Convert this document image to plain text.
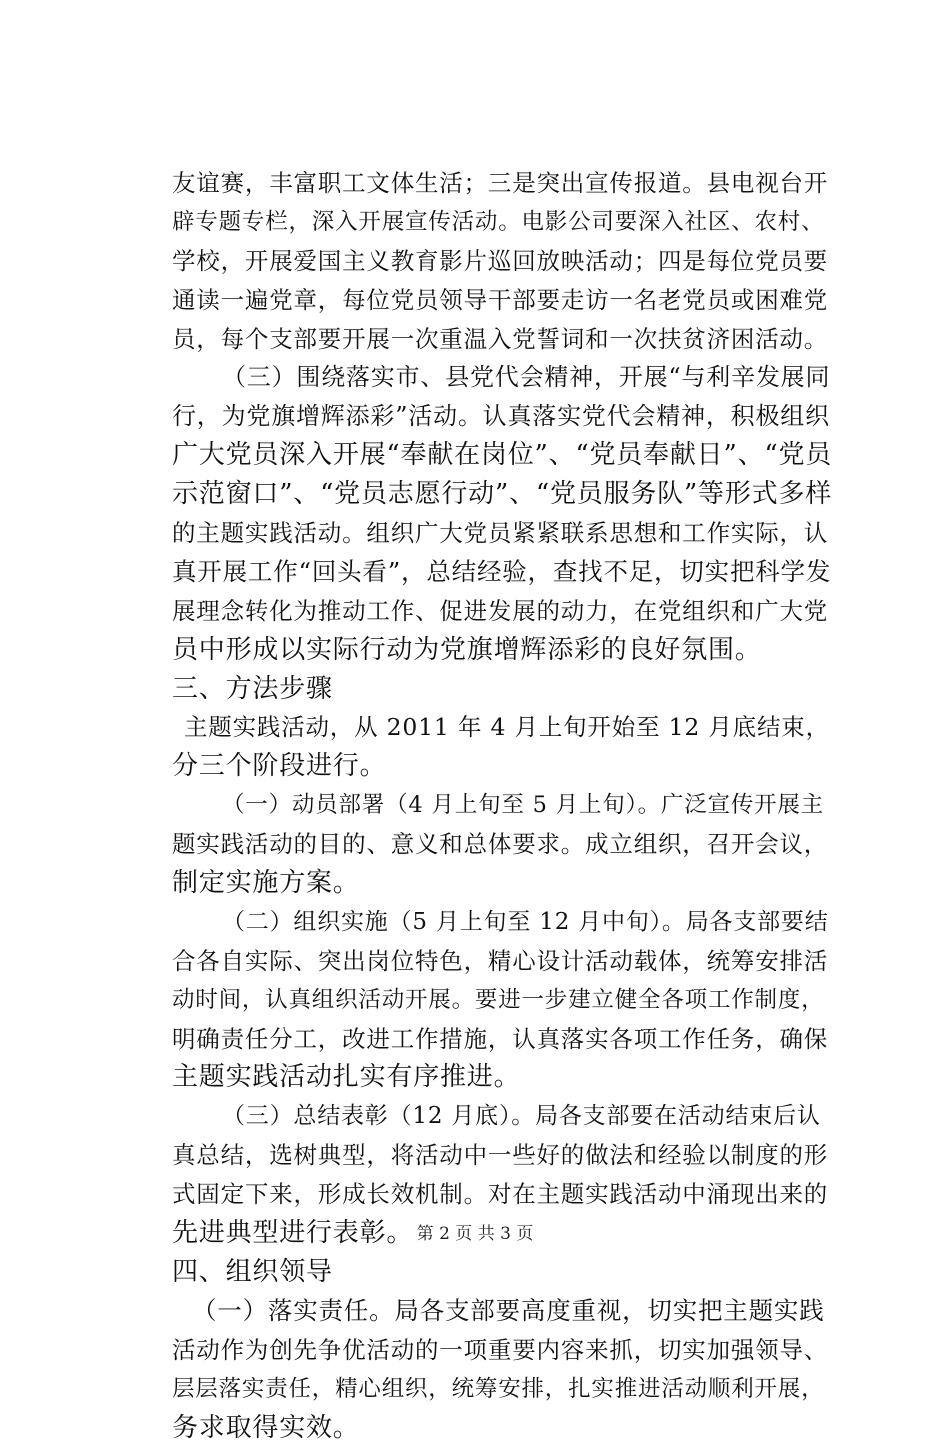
友谊赛，丰富职工文体生活；三是突出宣传报道。县电视台开
辟专题专栏，深入开展宣传活动。电影公司要深入社区、农村、
学校，开展爱国主义教育影片巡回放映活动；四是每位党员要
通读一遍党章，每位党员领导干部要走访一名老党员或困难党
员，每个支部要开展一次重温入党誓词和一次扶贫济困活动。
（三）围绕落实市、县党代会精神，开展“与利辛发展同
行，为党旗增辉添彩”活动。认真落实党代会精神，积极组织
广大党员深入开展“奉献在岗位”、“党员奉献日”、“党员
示范窗口”、“党员志愿行动”、“党员服务队”等形式多样
的主题实践活动。组织广大党员紧紧联系思想和工作实际，认
真开展工作“回头看”，总结经验，查找不足，切实把科学发
展理念转化为推动工作、促进发展的动力，在党组织和广大党
员中形成以实际行动为党旗增辉添彩的良好氛围。
三、方法步骤
主题实践活动，从 2011 年 4 月上旬开始至 12 月底结束，
分三个阶段进行。
（一）动员部署（4 月上旬至 5 月上旬）。广泛宣传开展主
题实践活动的目的、意义和总体要求。成立组织，召开会议，
制定实施方案。
（二）组织实施（5 月上旬至 12 月中旬）。局各支部要结
合各自实际、突出岗位特色，精心设计活动载体，统筹安排活
动时间，认真组织活动开展。要进一步建立健全各项工作制度，
明确责任分工，改进工作措施，认真落实各项工作任务，确保
主题实践活动扎实有序推进。
（三）总结表彰（12 月底）。局各支部要在活动结束后认
真总结，选树典型，将活动中一些好的做法和经验以制度的形
式固定下来，形成长效机制。对在主题实践活动中涌现出来的
先进典型进行表彰。
四、组织领导
（一）落实责任。局各支部要高度重视，切实把主题实践
活动作为创先争优活动的一项重要内容来抓，切实加强领导、
层层落实责任，精心组织，统筹安排，扎实推进活动顺利开展，
务求取得实效。
第 2 页 共 3 页
